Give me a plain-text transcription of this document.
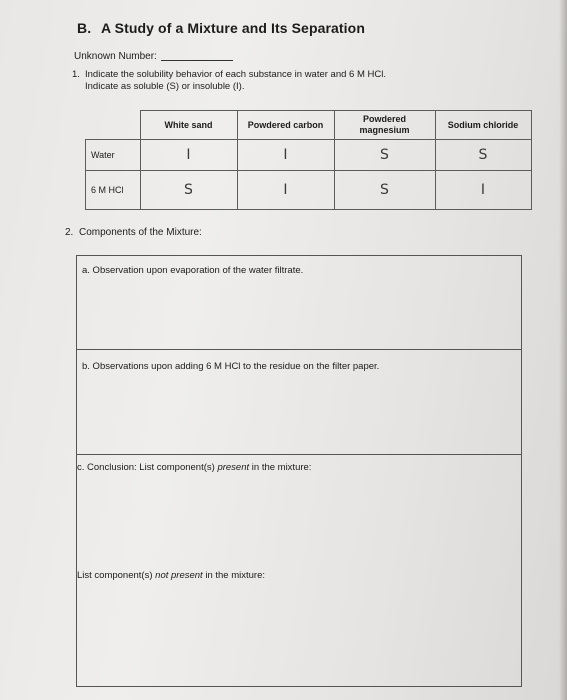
B. A Study of a Mixture and Its Separation
Unknown Number:
1. Indicate the solubility behavior of each substance in water and 6 M HCl.
Indicate as soluble (S) or insoluble (I).
	White sand	Powdered carbon	Powdered magnesium	Sodium chloride
Water	I	I	S	S
6 M HCl	S	I	S	I
2. Components of the Mixture:
a. Observation upon evaporation of the water filtrate.
b. Observations upon adding 6 M HCl to the residue on the filter paper.
c. Conclusion: List component(s) present in the mixture:
List component(s) not present in the mixture:
